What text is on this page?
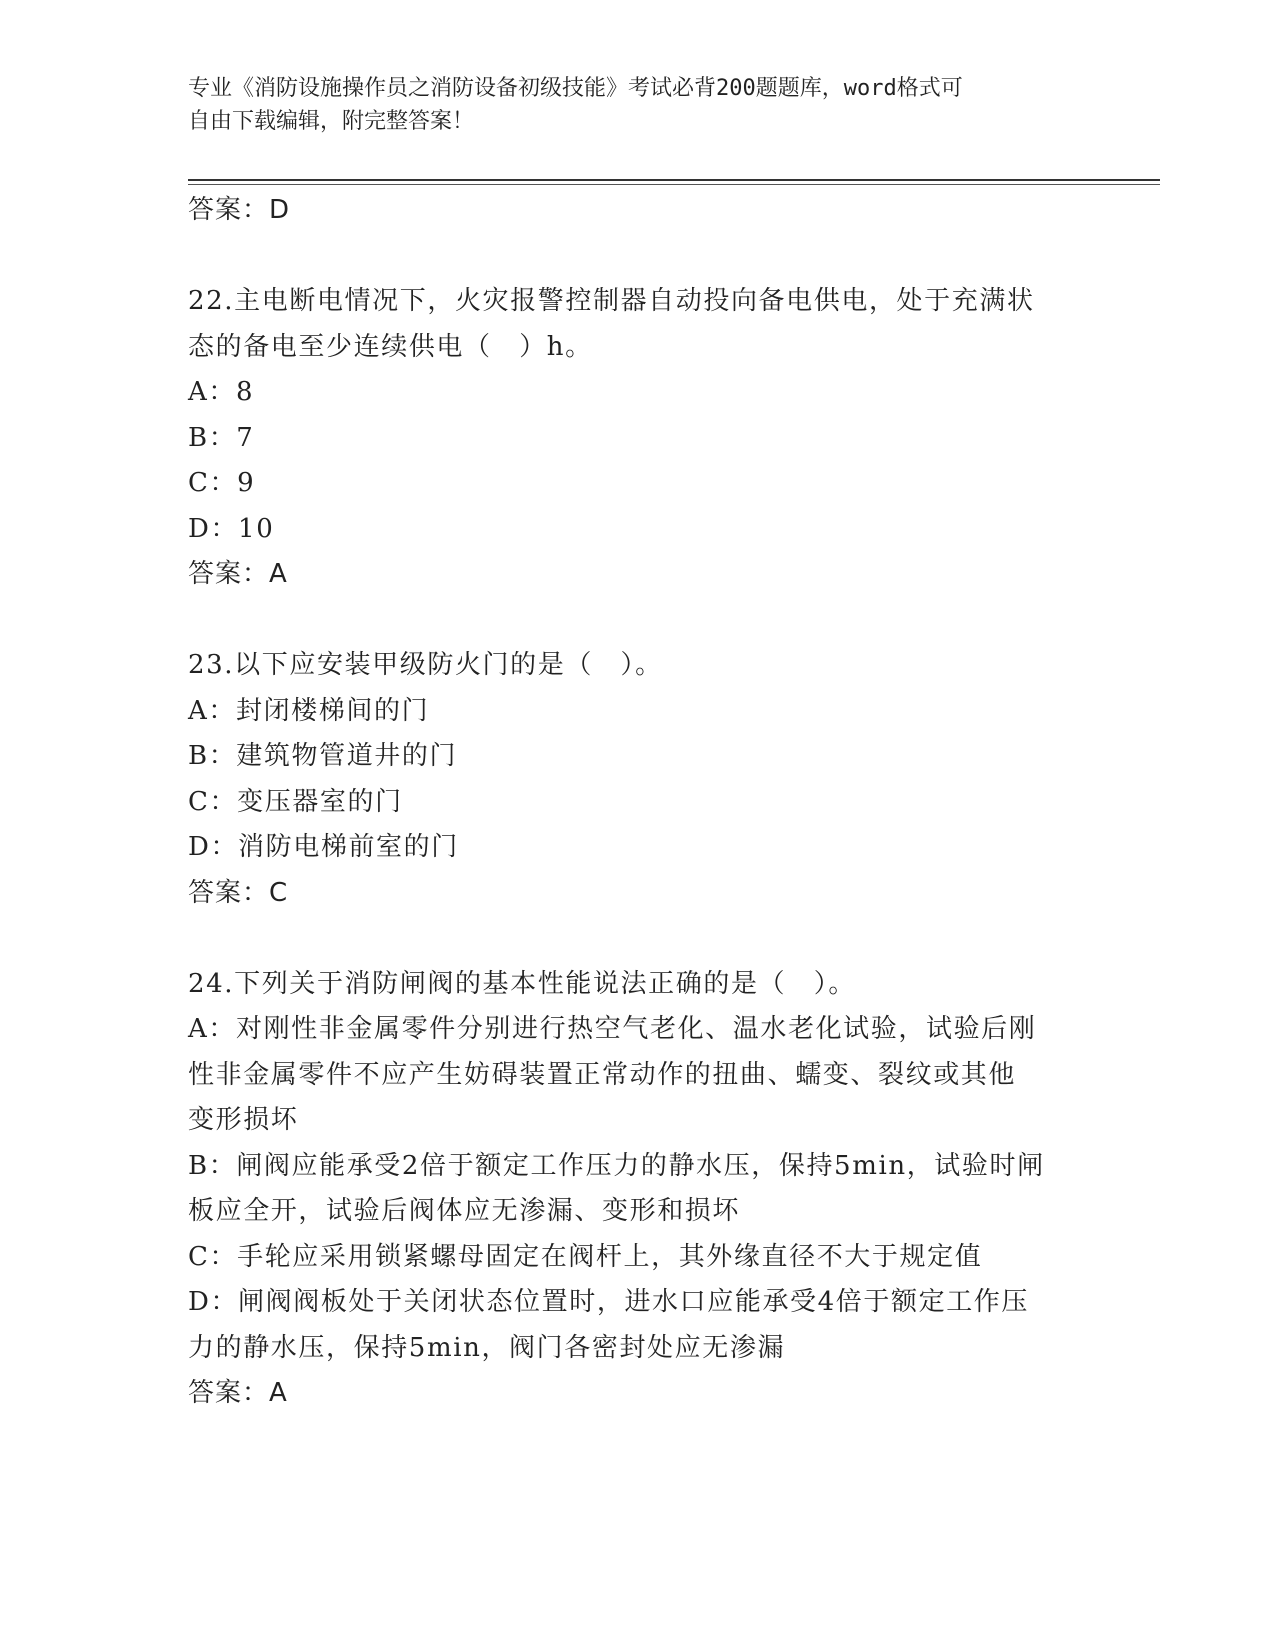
专业《消防设施操作员之消防设备初级技能》考试必背200题题库，word格式可
自由下载编辑，附完整答案！
答案：D
22.主电断电情况下，火灾报警控制器自动投向备电供电，处于充满状
态的备电至少连续供电（　）h。
A：8
B：7
C：9
D：10
答案：A
23.以下应安装甲级防火门的是（　）。
A：封闭楼梯间的门
B：建筑物管道井的门
C：变压器室的门
D：消防电梯前室的门
答案：C
24.下列关于消防闸阀的基本性能说法正确的是（　）。
A：对刚性非金属零件分别进行热空气老化、温水老化试验，试验后刚
性非金属零件不应产生妨碍装置正常动作的扭曲、蠕变、裂纹或其他
变形损坏
B：闸阀应能承受2倍于额定工作压力的静水压，保持5min，试验时闸
板应全开，试验后阀体应无渗漏、变形和损坏
C：手轮应采用锁紧螺母固定在阀杆上，其外缘直径不大于规定值
D：闸阀阀板处于关闭状态位置时，进水口应能承受4倍于额定工作压
力的静水压，保持5min，阀门各密封处应无渗漏
答案：A
